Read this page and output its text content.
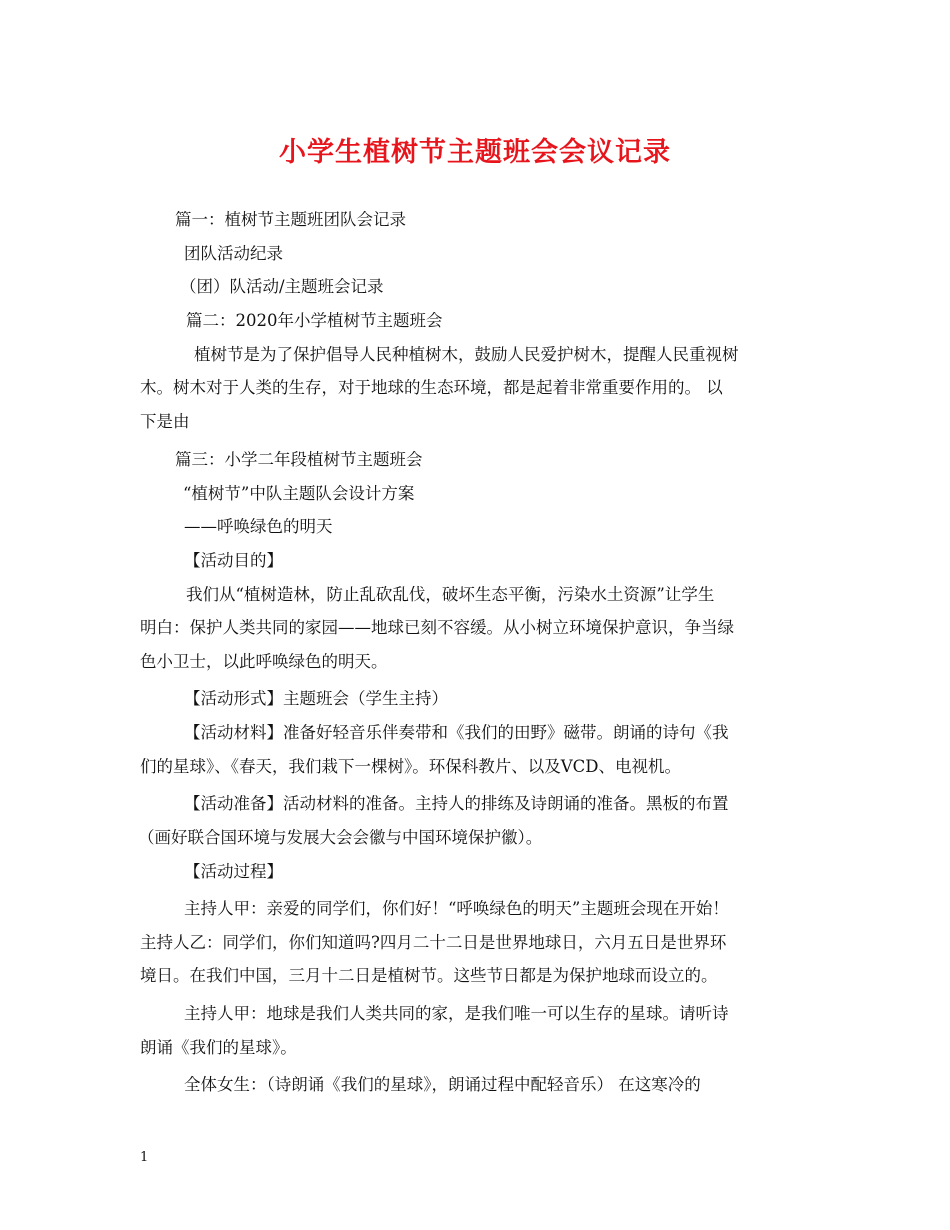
小学生植树节主题班会会议记录
篇一：植树节主题班团队会记录
团队活动纪录
（团）队活动/主题班会记录
篇二：2020年小学植树节主题班会
植树节是为了保护倡导人民种植树木，鼓励人民爱护树木，提醒人民重视树
木。树木对于人类的生存，对于地球的生态环境，都是起着非常重要作用的。 以
下是由
篇三：小学二年段植树节主题班会
“植树节”中队主题队会设计方案
——呼唤绿色的明天
【活动目的】
我们从“植树造林，防止乱砍乱伐，破坏生态平衡，污染水土资源”让学生
明白：保护人类共同的家园——地球已刻不容缓。从小树立环境保护意识，争当绿
色小卫士，以此呼唤绿色的明天。
【活动形式】主题班会（学生主持）
【活动材料】准备好轻音乐伴奏带和《我们的田野》磁带。朗诵的诗句《我
们的星球》、《春天，我们栽下一棵树》。环保科教片、以及VCD、电视机。
【活动准备】活动材料的准备。主持人的排练及诗朗诵的准备。黑板的布置
（画好联合国环境与发展大会会徽与中国环境保护徽）。
【活动过程】
主持人甲：亲爱的同学们，你们好！“呼唤绿色的明天”主题班会现在开始！
主持人乙：同学们，你们知道吗?四月二十二日是世界地球日，六月五日是世界环
境日。在我们中国，三月十二日是植树节。这些节日都是为保护地球而设立的。
主持人甲：地球是我们人类共同的家，是我们唯一可以生存的星球。请听诗
朗诵《我们的星球》。
全体女生：（诗朗诵《我们的星球》，朗诵过程中配轻音乐） 在这寒冷的
1
